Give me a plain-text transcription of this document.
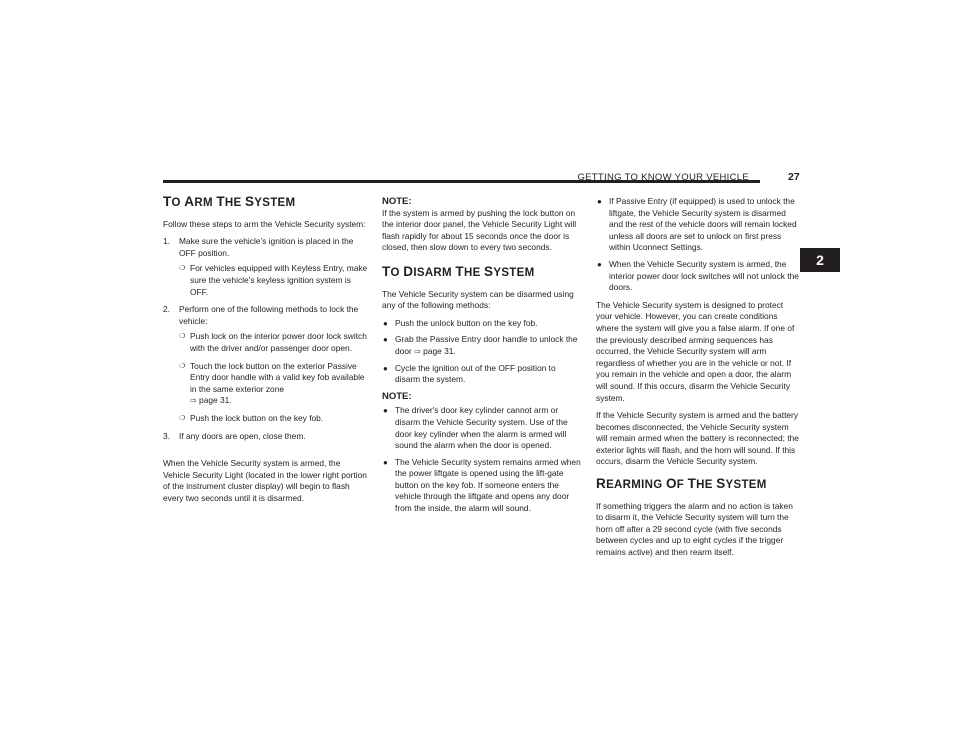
GETTING TO KNOW YOUR VEHICLE	27
2
TO ARM THE SYSTEM

Follow these steps to arm the Vehicle Security system:

1. Make sure the vehicle’s ignition is placed in the OFF position.
❍ For vehicles equipped with Keyless Entry, make sure the vehicle’s keyless ignition system is OFF.
2. Perform one of the following methods to lock the vehicle:
❍ Push lock on the interior power door lock switch with the driver and/or passenger door open.
❍ Touch the lock button on the exterior Passive Entry door handle with a valid key fob available in the same exterior zone
⇨ page 31.
❍ Push the lock button on the key fob.
3. If any doors are open, close them.

When the Vehicle Security system is armed, the Vehicle Security Light (located in the lower right portion of the instrument cluster display) will begin to flash every two seconds until it is disarmed.

NOTE:

If the system is armed by pushing the lock button on the interior door panel, the Vehicle Security Light will flash rapidly for about 15 seconds once the door is closed, then slow down to every two seconds.

TO DISARM THE SYSTEM

The Vehicle Security system can be disarmed using any of the following methods:

● Push the unlock button on the key fob.
● Grab the Passive Entry door handle to unlock the door ⇨ page 31.
● Cycle the ignition out of the OFF position to disarm the system.

NOTE:

● The driver's door key cylinder cannot arm or disarm the Vehicle Security system. Use of the door key cylinder when the alarm is armed will sound the alarm when the door is opened.
● The Vehicle Security system remains armed when the power liftgate is opened using the lift-gate button on the key fob. If someone enters the vehicle through the liftgate and opens any door from the inside, the alarm will sound.
● If Passive Entry (if equipped) is used to unlock the liftgate, the Vehicle Security system is disarmed and the rest of the vehicle doors will remain locked unless all doors are set to unlock on first press within Uconnect Settings.
● When the Vehicle Security system is armed, the interior power door lock switches will not unlock the doors.

The Vehicle Security system is designed to protect your vehicle. However, you can create conditions where the system will give you a false alarm. If one of the previously described arming sequences has occurred, the Vehicle Security system will arm regardless of whether you are in the vehicle or not. If you remain in the vehicle and open a door, the alarm will sound. If this occurs, disarm the Vehicle Security system.

If the Vehicle Security system is armed and the battery becomes disconnected, the Vehicle Security system will remain armed when the battery is reconnected; the exterior lights will flash, and the horn will sound. If this occurs, disarm the Vehicle Security system.

REARMING OF THE SYSTEM

If something triggers the alarm and no action is taken to disarm it, the Vehicle Security system will turn the horn off after a 29 second cycle (with five seconds between cycles and up to eight cycles if the trigger remains active) and then rearm itself.
